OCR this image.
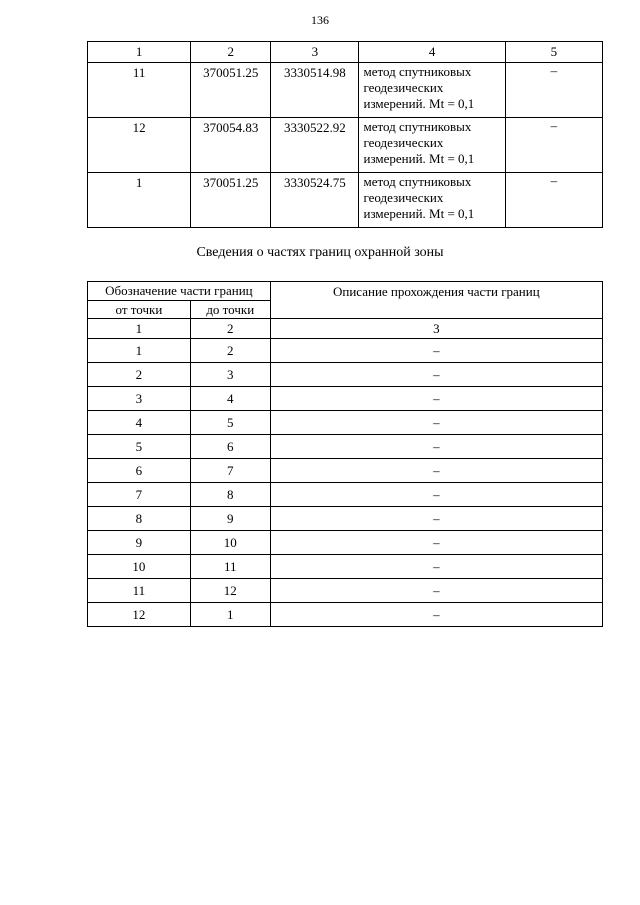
136
1	2	3	4	5
11	370051.25	3330514.98	метод спутниковых
геодезических
измерений. Mt = 0,1	–
12	370054.83	3330522.92	метод спутниковых
геодезических
измерений. Mt = 0,1	–
1	370051.25	3330524.75	метод спутниковых
геодезических
измерений. Mt = 0,1	–
Сведения о частях границ охранной зоны
Обозначение части границ		Описание прохождения части границ
от точки	до точки	
1	2	3
1	2	–
2	3	–
3	4	–
4	5	–
5	6	–
6	7	–
7	8	–
8	9	–
9	10	–
10	11	–
11	12	–
12	1	–
